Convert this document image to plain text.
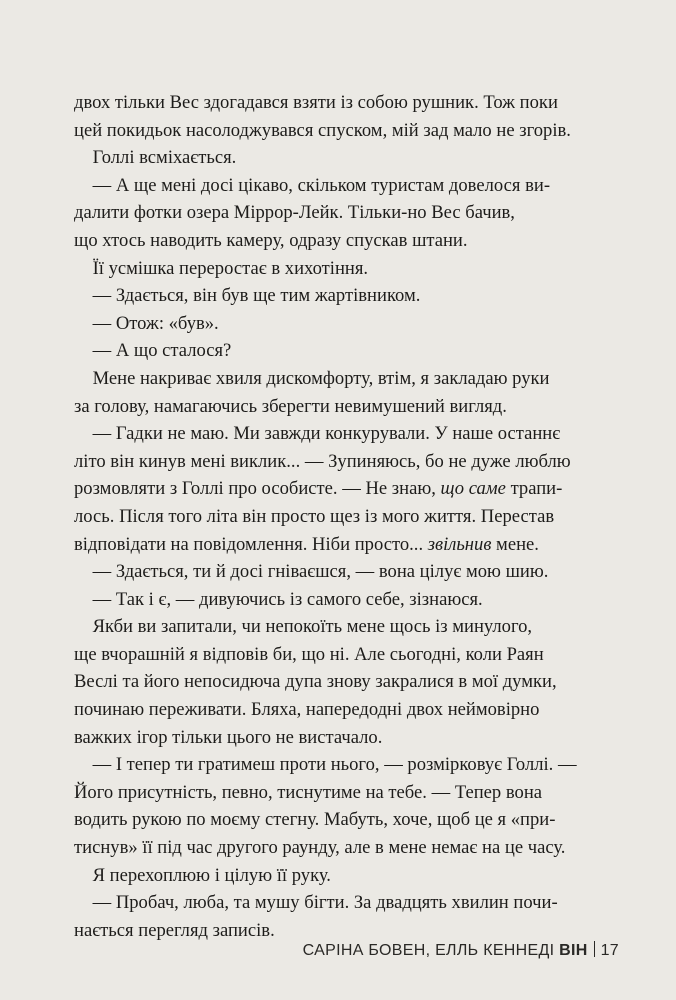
двох тільки Вес здогадався взяти із собою рушник. Тож поки
цей покидьок насолоджувався спуском, мій зад мало не згорів.
Голлі всміхається.
— А ще мені досі цікаво, скільком туристам довелося ви-
далити фотки озера Міррор-Лейк. Тільки-но Вес бачив,
що хтось наводить камеру, одразу спускав штани.
Її усмішка переростає в хихотіння.
— Здається, він був ще тим жартівником.
— Отож: «був».
— А що сталося?
Мене накриває хвиля дискомфорту, втім, я закладаю руки
за голову, намагаючись зберегти невимушений вигляд.
— Гадки не маю. Ми завжди конкурували. У наше останнє
літо він кинув мені виклик... — Зупиняюсь, бо не дуже люблю
розмовляти з Голлі про особисте. — Не знаю, що саме трапи-
лось. Після того літа він просто щез із мого життя. Перестав
відповідати на повідомлення. Ніби просто... звільнив мене.
— Здається, ти й досі гніваєшся, — вона цілує мою шию.
— Так і є, — дивуючись із самого себе, зізнаюся.
Якби ви запитали, чи непокоїть мене щось із минулого,
ще вчорашній я відповів би, що ні. Але сьогодні, коли Раян
Веслі та його непосидюча дупа знову закралися в мої думки,
починаю переживати. Бляха, напередодні двох неймовірно
важких ігор тільки цього не вистачало.
— І тепер ти гратимеш проти нього, — розмірковує Голлі. —
Його присутність, певно, тиснутиме на тебе. — Тепер вона
водить рукою по моєму стегну. Мабуть, хоче, щоб це я «при-
тиснув» її під час другого раунду, але в мене немає на це часу.
Я перехоплюю і цілую її руку.
— Пробач, люба, та мушу бігти. За двадцять хвилин почи-
нається перегляд записів.
САРІНА БОВЕН, ЕЛЛЬ КЕННЕДІ ВІН 17
